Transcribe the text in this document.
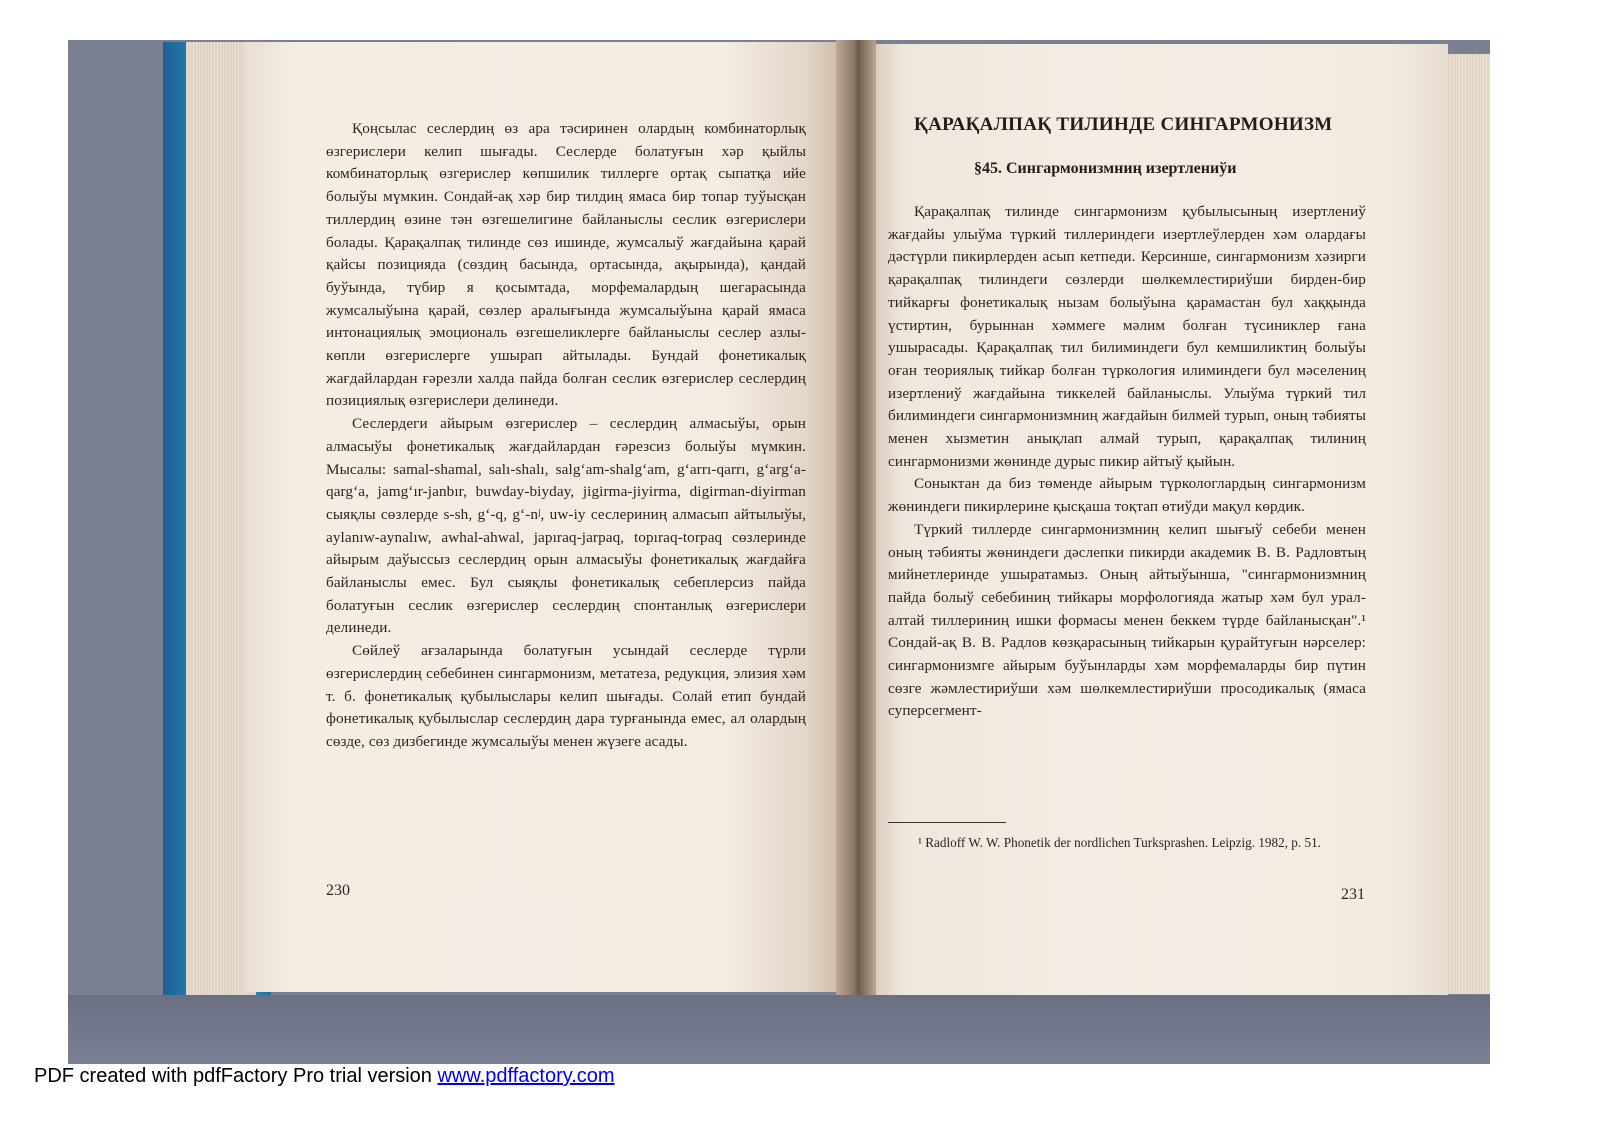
Қоңсылас сеслердиң өз ара тәсиринен олардың комбинаторлық өзгерислери келип шығады. Сеслерде болатуғын хәр қыйлы комбинаторлық өзгерислер көпшилик тиллерге ортақ сыпатқа ийе болыўы мүмкин. Сондай-ақ хәр бир тилдиң ямаса бир топар туўысқан тиллердиң өзине тән өзгешелигине байланыслы сеслик өзгерислери болады. Қарақалпақ тилинде сөз ишинде, жумсалыў жағдайына қарай қайсы позицияда (сөздиң басында, ортасында, ақырында), қандай буўында, түбир я қосымтада, морфемалардың шегарасында жумсалыўына қарай, сөзлер аралығында жумсалыўына қарай ямаса интонациялық эмоциональ өзгешеликлерге байланыслы сеслер азлы-көпли өзгерислерге ушырап айтылады. Бундай фонетикалық жағдайлардан ғәрезли халда пайда болған сеслик өзгерислер сеслердиң позициялық өзгерислери делинеди.

Сеслердеги айырым өзгерислер – сеслердиң алмасыўы, орын алмасыўы фонетикалық жағдайлардан ғәрезсиз болыўы мүмкин. Мысалы: samal-shamal, salı-shalı, salgʻam-shalgʻam, gʻarrı-qarrı, gʻargʻa-qargʻa, jamgʻır-janbır, buwday-biyday, jigirma-jiyirma, digirman-diyirman сыяқлы сөзлерде s-sh, gʻ-q, gʻ-nʲ, uw-iy сеслериниң алмасып айтылыўы, aylanıw-aynalıw, awhal-ahwal, japıraq-jarpaq, topıraq-torpaq сөзлеринде айырым даўыссыз сеслердиң орын алмасыўы фонетикалық жағдайға байланыслы емес. Бул сыяқлы фонетикалық себеплерсиз пайда болатуғын сеслик өзгерислер сеслердиң спонтанлық өзгерислери делинеди.

Сөйлеў ағзаларында болатуғын усындай сеслерде түрли өзгерислердиң себебинен сингармонизм, метатеза, редукция, элизия хәм т. б. фонетикалық қубылыслары келип шығады. Солай етип бундай фонетикалық қубылыслар сеслердиң дара турғанында емес, ал олардың сөзде, сөз дизбегинде жумсалыўы менен жүзеге асады.

230
ҚАРАҚАЛПАҚ ТИЛИНДЕ СИНГАРМОНИЗМ
§45. Сингармонизмниң изертлениўи

Қарақалпақ тилинде сингармонизм қубылысының изертлениў жағдайы улыўма түркий тиллериндеги изертлеўлерден хәм олардағы дәстүрли пикирлерден асып кетпеди. Керсинше, сингармонизм хәзирги қарақалпақ тилиндеги сөзлерди шөлкемлестириўши бирден-бир тийкарғы фонетикалық нызам болыўына қарамастан бул хаққында үстиртин, бурыннан хәммеге мәлим болған түсиниклер ғана ушырасады. Қарақалпақ тил билиминдеги бул кемшиликтиң болыўы оған теориялық тийкар болған түркология илиминдеги бул мәселениң изертлениў жағдайына тиккелей байланыслы. Улыўма түркий тил билиминдеги сингармонизмниң жағдайын билмей турып, оның тәбияты менен хызметин анықлап алмай турып, қарақалпақ тилиниң сингармонизми жөнинде дурыс пикир айтыў қыйын.

Соныктан да биз төменде айырым түркологлардың сингармонизм жөниндеги пикирлерине қысқаша тоқтап өтиўди мақул көрдик.

Түркий тиллерде сингармонизмниң келип шығыў себеби менен оның тәбияты жөниндеги дәслепки пикирди академик В. В. Радловтың мийнетлеринде ушыратамыз. Оның айтыўынша, "сингармонизмниң пайда болыў себебиниң тийкары морфологияда жатыр хәм бул урал-алтай тиллериниң ишки формасы менен беккем түрде байланысқан".¹ Сондай-ақ В. В. Радлов көзқарасының тийкарын қурайтуғын нәрселер: сингармонизмге айырым буўынларды хәм морфемаларды бир пүтин сөзге жәмлестириўши хәм шөлкемлестириўши просодикалық (ямаса суперсегмент-

¹ Radloff W. W. Phonetik der nordlichen Turksprashen. Leipzig. 1982, p. 51.
231
PDF created with pdfFactory Pro trial version www.pdffactory.com
